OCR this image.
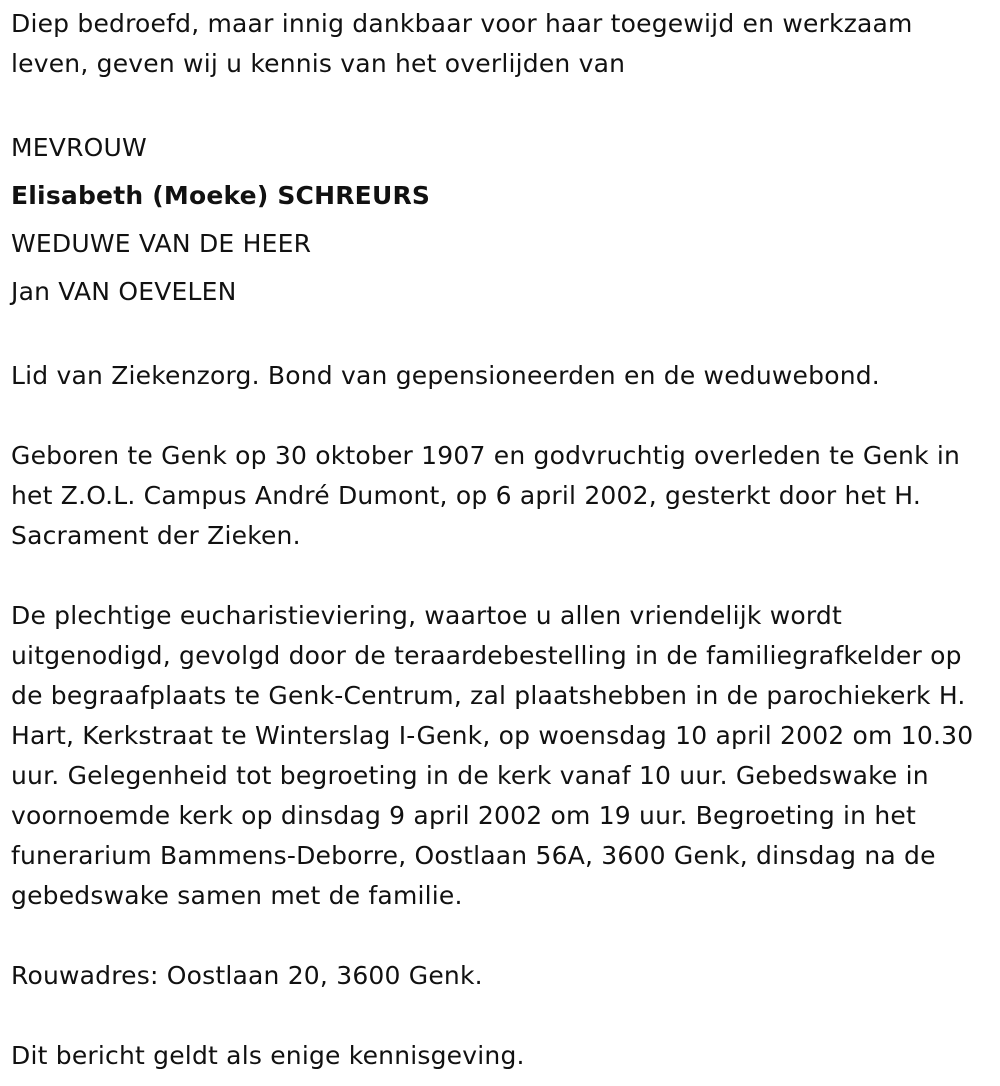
Diep bedroefd, maar innig dankbaar voor haar toegewijd en werkzaam leven, geven wij u kennis van het overlijden van

MEVROUW
Elisabeth (Moeke) SCHREURS
WEDUWE VAN DE HEER
Jan VAN OEVELEN

Lid van Ziekenzorg. Bond van gepensioneerden en de weduwebond.

Geboren te Genk op 30 oktober 1907 en godvruchtig overleden te Genk in het Z.O.L. Campus André Dumont, op 6 april 2002, gesterkt door het H. Sacrament der Zieken.

De plechtige eucharistieviering, waartoe u allen vriendelijk wordt uitgenodigd, gevolgd door de teraardebestelling in de familiegrafkelder op de begraafplaats te Genk-Centrum, zal plaatshebben in de parochiekerk H. Hart, Kerkstraat te Winterslag I-Genk, op woensdag 10 april 2002 om 10.30 uur. Gelegenheid tot begroeting in de kerk vanaf 10 uur. Gebedswake in voornoemde kerk op dinsdag 9 april 2002 om 19 uur. Begroeting in het funerarium Bammens-Deborre, Oostlaan 56A, 3600 Genk, dinsdag na de gebedswake samen met de familie.

Rouwadres: Oostlaan 20, 3600 Genk.

Dit bericht geldt als enige kennisgeving.
